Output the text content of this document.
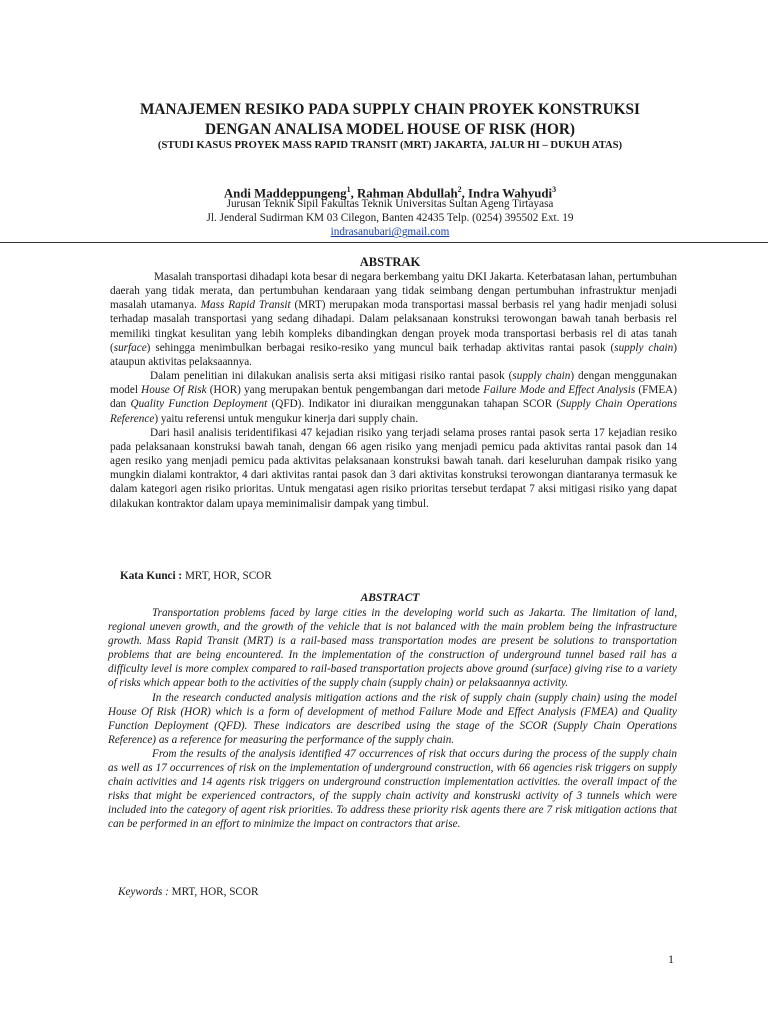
MANAJEMEN RESIKO PADA SUPPLY CHAIN PROYEK KONSTRUKSI
DENGAN ANALISA MODEL HOUSE OF RISK (HOR)
(STUDI KASUS PROYEK MASS RAPID TRANSIT (MRT) JAKARTA, JALUR HI – DUKUH ATAS)
Andi Maddeppungeng$^1$, Rahman Abdullah$^2$, Indra Wahyudi$^3$
Jurusan Teknik Sipil Fakultas Teknik Universitas Sultan Ageng Tirtayasa
Jl. Jenderal Sudirman KM 03 Cilegon, Banten 42435 Telp. (0254) 395502 Ext. 19
indrasanubari@gmail.com
ABSTRAK

Masalah transportasi dihadapi kota besar di negara berkembang yaitu DKI Jakarta. Keterbatasan lahan, pertumbuhan daerah yang tidak merata, dan pertumbuhan kendaraan yang tidak seimbang dengan pertumbuhan infrastruktur menjadi masalah utamanya. Mass Rapid Transit (MRT) merupakan moda transportasi massal berbasis rel yang hadir menjadi solusi terhadap masalah transportasi yang sedang dihadapi. Dalam pelaksanaan konstruksi terowongan bawah tanah berbasis rel memiliki tingkat kesulitan yang lebih kompleks dibandingkan dengan proyek moda transportasi berbasis rel di atas tanah (surface) sehingga menimbulkan berbagai resiko-resiko yang muncul baik terhadap aktivitas rantai pasok (supply chain) ataupun aktivitas pelaksaannya.

Dalam penelitian ini dilakukan analisis serta aksi mitigasi risiko rantai pasok (supply chain) dengan menggunakan model House Of Risk (HOR) yang merupakan bentuk pengembangan dari metode Failure Mode and Effect Analysis (FMEA) dan Quality Function Deployment (QFD). Indikator ini diuraikan menggunakan tahapan SCOR (Supply Chain Operations Reference) yaitu referensi untuk mengukur kinerja dari supply chain.

Dari hasil analisis teridentifikasi 47 kejadian risiko yang terjadi selama proses rantai pasok serta 17 kejadian resiko pada pelaksanaan konstruksi bawah tanah, dengan 66 agen risiko yang menjadi pemicu pada aktivitas rantai pasok dan 14 agen resiko yang menjadi pemicu pada aktivitas pelaksanaan konstruksi bawah tanah. dari keseluruhan dampak risiko yang mungkin dialami kontraktor, 4 dari aktivitas rantai pasok dan 3 dari aktivitas konstruksi terowongan diantaranya termasuk ke dalam kategori agen risiko prioritas. Untuk mengatasi agen risiko prioritas tersebut terdapat 7 aksi mitigasi risiko yang dapat dilakukan kontraktor dalam upaya meminimalisir dampak yang timbul.

Kata Kunci : MRT, HOR, SCOR
ABSTRACT

Transportation problems faced by large cities in the developing world such as Jakarta. The limitation of land, regional uneven growth, and the growth of the vehicle that is not balanced with the main problem being the infrastructure growth. Mass Rapid Transit (MRT) is a rail-based mass transportation modes are present be solutions to transportation problems that are being encountered. In the implementation of the construction of underground tunnel based rail has a difficulty level is more complex compared to rail-based transportation projects above ground (surface) giving rise to a variety of risks which appear both to the activities of the supply chain (supply chain) or pelaksaannya activity.

In the research conducted analysis mitigation actions and the risk of supply chain (supply chain) using the model House Of Risk (HOR) which is a form of development of method Failure Mode and Effect Analysis (FMEA) and Quality Function Deployment (QFD). These indicators are described using the stage of the SCOR (Supply Chain Operations Reference) as a reference for measuring the performance of the supply chain.

From the results of the analysis identified 47 occurrences of risk that occurs during the process of the supply chain as well as 17 occurrences of risk on the implementation of underground construction, with 66 agencies risk triggers on supply chain activities and 14 agents risk triggers on underground construction implementation activities. the overall impact of the risks that might be experienced contractors, of the supply chain activity and konstruski activity of 3 tunnels which were included into the category of agent risk priorities. To address these priority risk agents there are 7 risk mitigation actions that can be performed in an effort to minimize the impact on contractors that arise.

Keywords : MRT, HOR, SCOR
1
